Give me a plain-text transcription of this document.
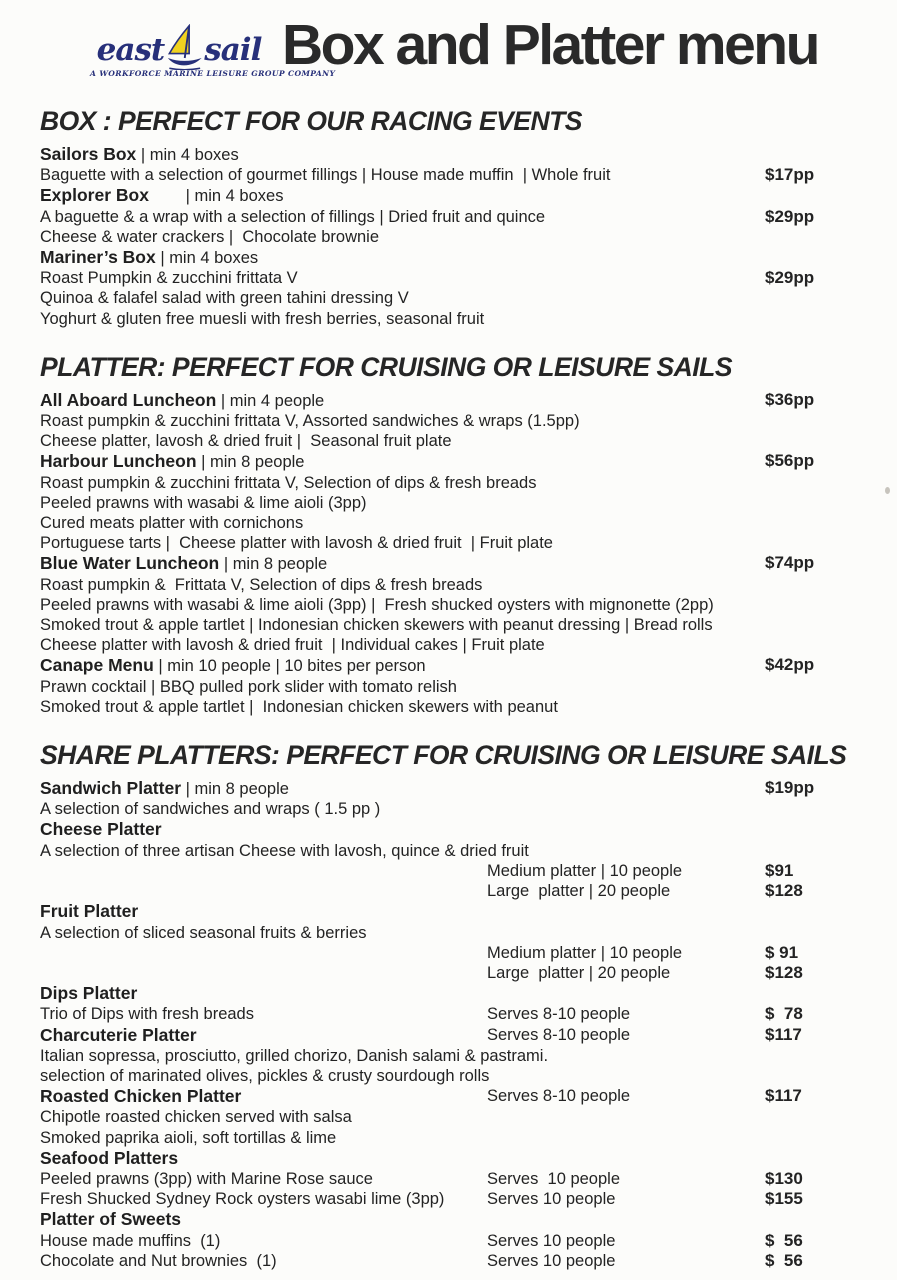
east sail
A WORKFORCE MARINE LEISURE GROUP COMPANY
Box and Platter menu
BOX : PERFECT FOR OUR RACING EVENTS
Sailors Box | min 4 boxes
Baguette with a selection of gourmet fillings | House made muffin  | Whole fruit	$17pp
Explorer Box        | min 4 boxes
A baguette & a wrap with a selection of fillings | Dried fruit and quince	$29pp
Cheese & water crackers |  Chocolate brownie
Mariner’s Box | min 4 boxes
Roast Pumpkin & zucchini frittata V	$29pp
Quinoa & falafel salad with green tahini dressing V
Yoghurt & gluten free muesli with fresh berries, seasonal fruit
PLATTER: PERFECT FOR CRUISING OR LEISURE SAILS
All Aboard Luncheon | min 4 people	$36pp
Roast pumpkin & zucchini frittata V, Assorted sandwiches & wraps (1.5pp)
Cheese platter, lavosh & dried fruit |  Seasonal fruit plate
Harbour Luncheon | min 8 people	$56pp
Roast pumpkin & zucchini frittata V, Selection of dips & fresh breads
Peeled prawns with wasabi & lime aioli (3pp)
Cured meats platter with cornichons
Portuguese tarts |  Cheese platter with lavosh & dried fruit  | Fruit plate
Blue Water Luncheon | min 8 people	$74pp
Roast pumpkin &  Frittata V, Selection of dips & fresh breads
Peeled prawns with wasabi & lime aioli (3pp) |  Fresh shucked oysters with mignonette (2pp)
Smoked trout & apple tartlet | Indonesian chicken skewers with peanut dressing | Bread rolls
Cheese platter with lavosh & dried fruit  | Individual cakes | Fruit plate
Canape Menu | min 10 people | 10 bites per person	$42pp
Prawn cocktail | BBQ pulled pork slider with tomato relish
Smoked trout & apple tartlet |  Indonesian chicken skewers with peanut
SHARE PLATTERS: PERFECT FOR CRUISING OR LEISURE SAILS
Sandwich Platter | min 8 people	$19pp
A selection of sandwiches and wraps ( 1.5 pp )
Cheese Platter
A selection of three artisan Cheese with lavosh, quince & dried fruit
Medium platter | 10 people	$91
Large  platter | 20 people	$128
Fruit Platter
A selection of sliced seasonal fruits & berries
Medium platter | 10 people	$ 91
Large  platter | 20 people	$128
Dips Platter
Trio of Dips with fresh breads	Serves 8-10 people	$  78
Charcuterie Platter	Serves 8-10 people	$117
Italian sopressa, prosciutto, grilled chorizo, Danish salami & pastrami.
selection of marinated olives, pickles & crusty sourdough rolls
Roasted Chicken Platter	Serves 8-10 people	$117
Chipotle roasted chicken served with salsa
Smoked paprika aioli, soft tortillas & lime
Seafood Platters
Peeled prawns (3pp) with Marine Rose sauce	Serves  10 people	$130
Fresh Shucked Sydney Rock oysters wasabi lime (3pp)	Serves 10 people	$155
Platter of Sweets
House made muffins  (1)	Serves 10 people	$  56
Chocolate and Nut brownies  (1)	Serves 10 people	$  56
